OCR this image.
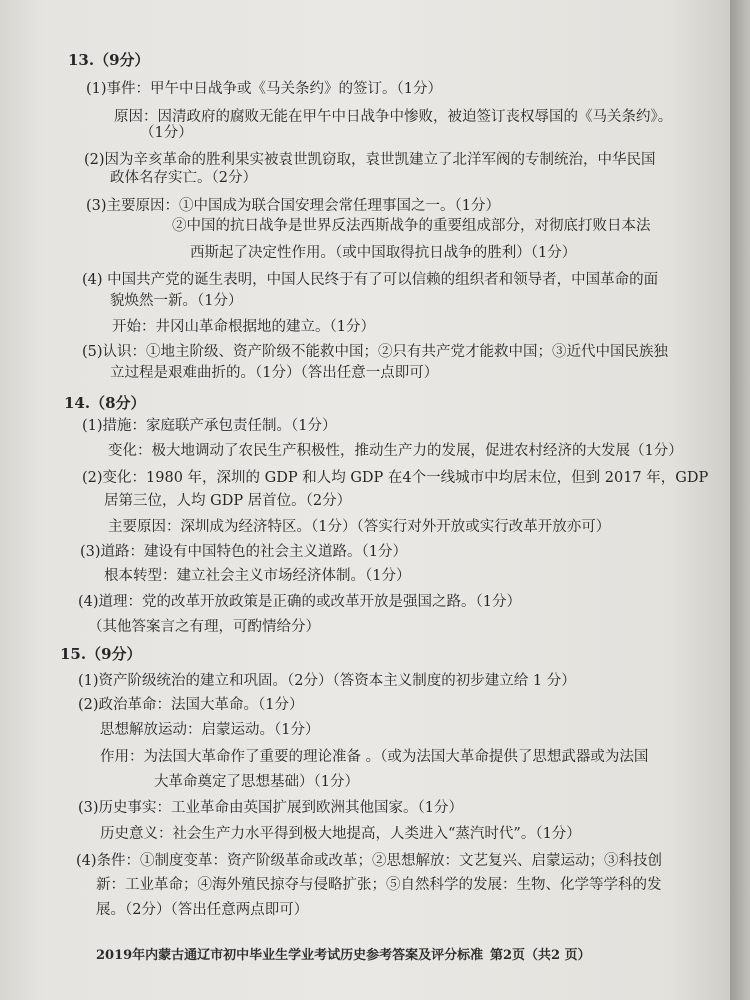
13.（9分）
(1)事件：甲午中日战争或《马关条约》的签订。（1分）
原因：因清政府的腐败无能在甲午中日战争中惨败，被迫签订丧权辱国的《马关条约》。
（1分）
(2)因为辛亥革命的胜利果实被袁世凯窃取，袁世凯建立了北洋军阀的专制统治，中华民国
政体名存实亡。（2分）
(3)主要原因：①中国成为联合国安理会常任理事国之一。（1分）
②中国的抗日战争是世界反法西斯战争的重要组成部分，对彻底打败日本法
西斯起了决定性作用。（或中国取得抗日战争的胜利）（1分）
(4) 中国共产党的诞生表明，中国人民终于有了可以信赖的组织者和领导者，中国革命的面
貌焕然一新。（1分）
开始：井冈山革命根据地的建立。（1分）
(5)认识：①地主阶级、资产阶级不能救中国；②只有共产党才能救中国；③近代中国民族独
立过程是艰难曲折的。（1分）（答出任意一点即可）
14.（8分）
(1)措施：家庭联产承包责任制。（1分）
变化：极大地调动了农民生产积极性，推动生产力的发展，促进农村经济的大发展（1分）
(2)变化：1980 年，深圳的 GDP 和人均 GDP 在4个一线城市中均居末位，但到 2017 年，GDP
居第三位，人均 GDP 居首位。（2分）
主要原因：深圳成为经济特区。（1分）（答实行对外开放或实行改革开放亦可）
(3)道路：建设有中国特色的社会主义道路。（1分）
根本转型：建立社会主义市场经济体制。（1分）
(4)道理：党的改革开放政策是正确的或改革开放是强国之路。（1分）
（其他答案言之有理，可酌情给分）
15.（9分）
(1)资产阶级统治的建立和巩固。（2分）（答资本主义制度的初步建立给 1 分）
(2)政治革命：法国大革命。（1分）
思想解放运动：启蒙运动。（1分）
作用：为法国大革命作了重要的理论准备 。（或为法国大革命提供了思想武器或为法国
大革命奠定了思想基础）（1分）
(3)历史事实：工业革命由英国扩展到欧洲其他国家。（1分）
历史意义：社会生产力水平得到极大地提高，人类进入“蒸汽时代”。（1分）
(4)条件：①制度变革：资产阶级革命或改革；②思想解放：文艺复兴、启蒙运动；③科技创
新：工业革命；④海外殖民掠夺与侵略扩张；⑤自然科学的发展：生物、化学等学科的发
展。（2分）（答出任意两点即可）
2019年内蒙古通辽市初中毕业生学业考试历史参考答案及评分标准 第2页（共2 页）
